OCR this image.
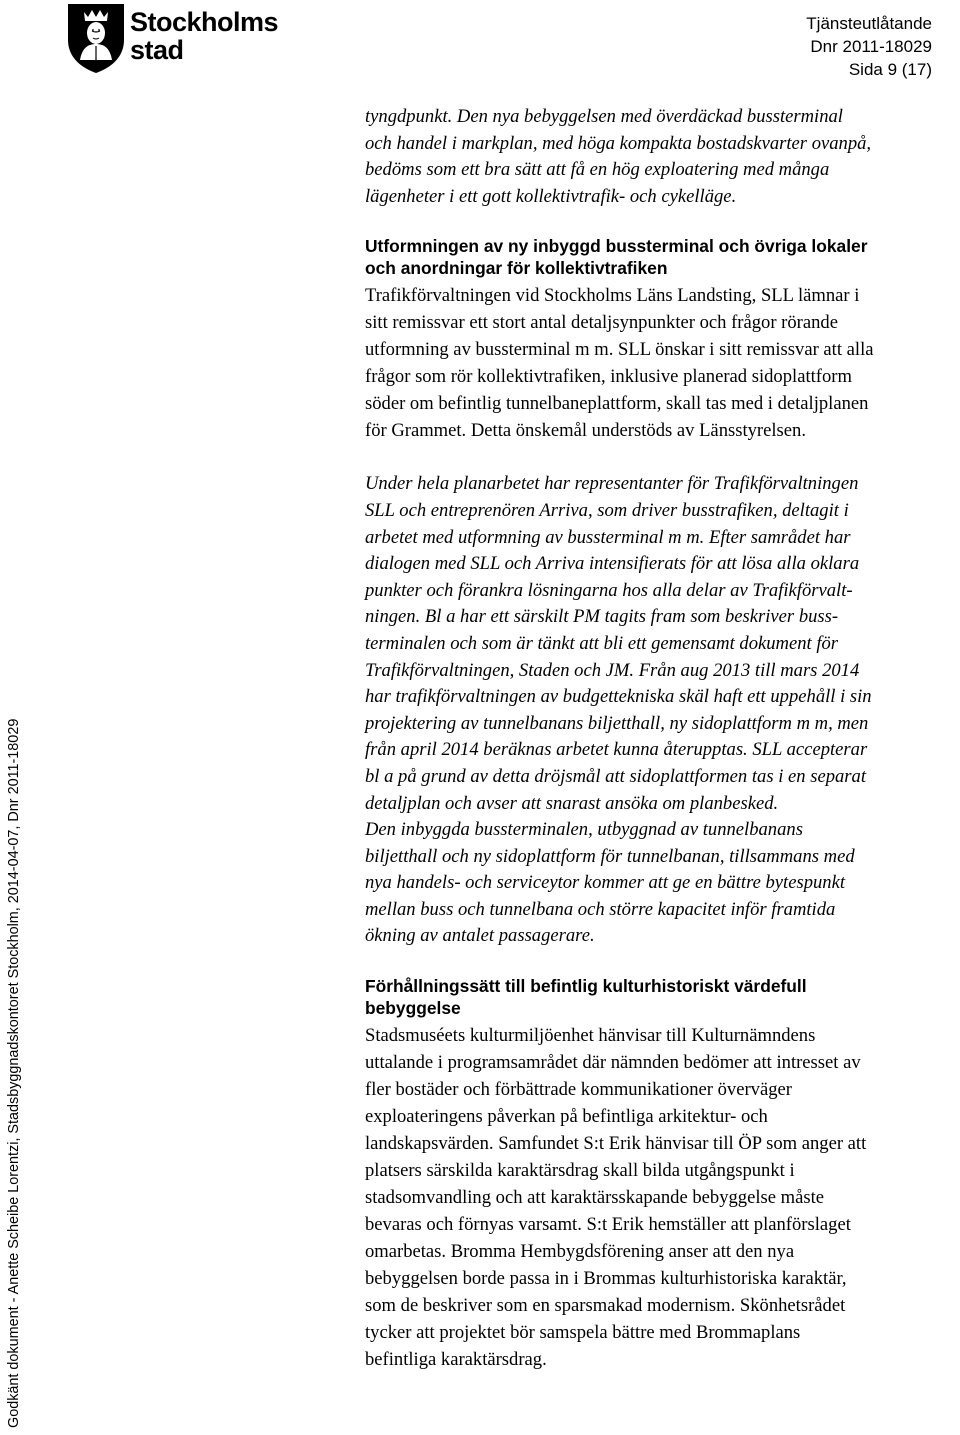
Stockholms
stad
Tjänsteutlåtande
Dnr 2011-18029
Sida 9 (17)
Godkänt dokument - Anette Scheibe Lorentzi, Stadsbyggnadskontoret Stockholm, 2014-04-07, Dnr 2011-18029

tyngdpunkt. Den nya bebyggelsen med överdäckad bussterminal

och handel i markplan, med höga kompakta bostadskvarter ovanpå,

bedöms som ett bra sätt att få en hög exploatering med många

lägenheter i ett gott kollektivtrafik- och cykelläge.

Utformningen av ny inbyggd bussterminal och övriga lokaler

och anordningar för kollektivtrafiken

Trafikförvaltningen vid Stockholms Läns Landsting, SLL lämnar i

sitt remissvar ett stort antal detaljsynpunkter och frågor rörande

utformning av bussterminal m m. SLL önskar i sitt remissvar att alla

frågor som rör kollektivtrafiken, inklusive planerad sidoplattform

söder om befintlig tunnelbaneplattform, skall tas med i detaljplanen

för Grammet. Detta önskemål understöds av Länsstyrelsen.

Under hela planarbetet har representanter för Trafikförvaltningen

SLL och entreprenören Arriva, som driver busstrafiken, deltagit i

arbetet med utformning av bussterminal m m. Efter samrådet har

dialogen med SLL och Arriva intensifierats för att lösa alla oklara

punkter och förankra lösningarna hos alla delar av Trafikförvalt-

ningen. Bl a har ett särskilt PM tagits fram som beskriver buss-

terminalen och som är tänkt att bli ett gemensamt dokument för

Trafikförvaltningen, Staden och JM. Från aug 2013 till mars 2014

har trafikförvaltningen av budgettekniska skäl haft ett uppehåll i sin

projektering av tunnelbanans biljetthall, ny sidoplattform m m, men

från april 2014 beräknas arbetet kunna återupptas. SLL accepterar

bl a på grund av detta dröjsmål att sidoplattformen tas i en separat

detaljplan och avser att snarast ansöka om planbesked.

Den inbyggda bussterminalen, utbyggnad av tunnelbanans

biljetthall och ny sidoplattform för tunnelbanan, tillsammans med

nya handels- och serviceytor kommer att ge en bättre bytespunkt

mellan buss och tunnelbana och större kapacitet inför framtida

ökning av antalet passagerare.

Förhållningssätt till befintlig kulturhistoriskt värdefull

bebyggelse

Stadsmuséets kulturmiljöenhet hänvisar till Kulturnämndens

uttalande i programsamrådet där nämnden bedömer att intresset av

fler bostäder och förbättrade kommunikationer överväger

exploateringens påverkan på befintliga arkitektur- och

landskapsvärden. Samfundet S:t Erik hänvisar till ÖP som anger att

platsers särskilda karaktärsdrag skall bilda utgångspunkt i

stadsomvandling och att karaktärsskapande bebyggelse måste

bevaras och förnyas varsamt. S:t Erik hemställer att planförslaget

omarbetas. Bromma Hembygdsförening anser att den nya

bebyggelsen borde passa in i Brommas kulturhistoriska karaktär,

som de beskriver som en sparsmakad modernism. Skönhetsrådet

tycker att projektet bör samspela bättre med Brommaplans

befintliga karaktärsdrag.
